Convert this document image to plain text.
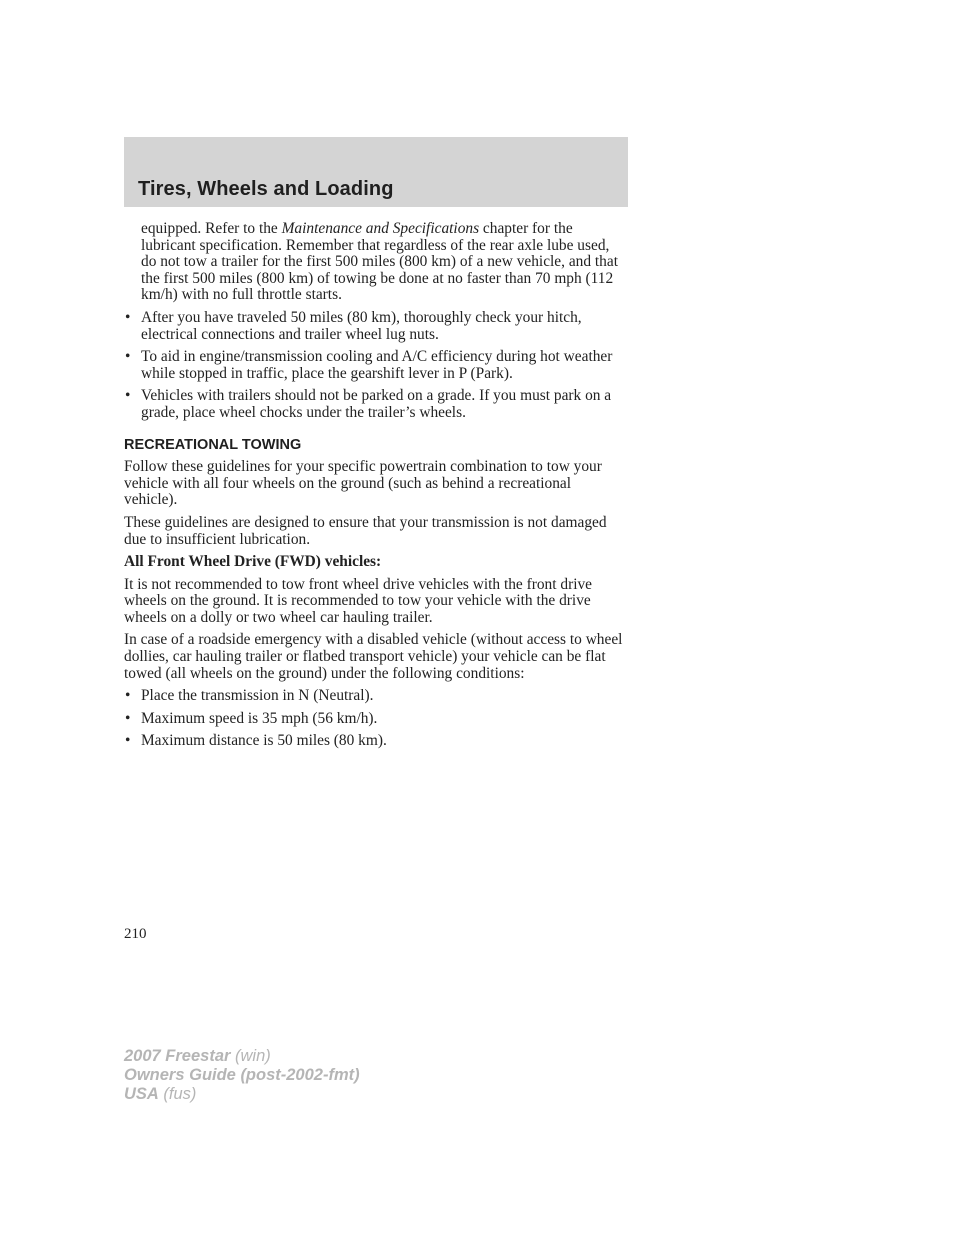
Tires, Wheels and Loading

equipped. Refer to the Maintenance and Specifications chapter for the lubricant specification. Remember that regardless of the rear axle lube used, do not tow a trailer for the first 500 miles (800 km) of a new vehicle, and that the first 500 miles (800 km) of towing be done at no faster than 70 mph (112 km/h) with no full throttle starts.

• After you have traveled 50 miles (80 km), thoroughly check your hitch, electrical connections and trailer wheel lug nuts.
• To aid in engine/transmission cooling and A/C efficiency during hot weather while stopped in traffic, place the gearshift lever in P (Park).
• Vehicles with trailers should not be parked on a grade. If you must park on a grade, place wheel chocks under the trailer’s wheels.
RECREATIONAL TOWING

Follow these guidelines for your specific powertrain combination to tow your vehicle with all four wheels on the ground (such as behind a recreational vehicle).

These guidelines are designed to ensure that your transmission is not damaged due to insufficient lubrication.

All Front Wheel Drive (FWD) vehicles:

It is not recommended to tow front wheel drive vehicles with the front drive wheels on the ground. It is recommended to tow your vehicle with the drive wheels on a dolly or two wheel car hauling trailer.

In case of a roadside emergency with a disabled vehicle (without access to wheel dollies, car hauling trailer or flatbed transport vehicle) your vehicle can be flat towed (all wheels on the ground) under the following conditions:

• Place the transmission in N (Neutral).
• Maximum speed is 35 mph (56 km/h).
• Maximum distance is 50 miles (80 km).
210
2007 Freestar (win)
Owners Guide (post-2002-fmt)
USA (fus)
